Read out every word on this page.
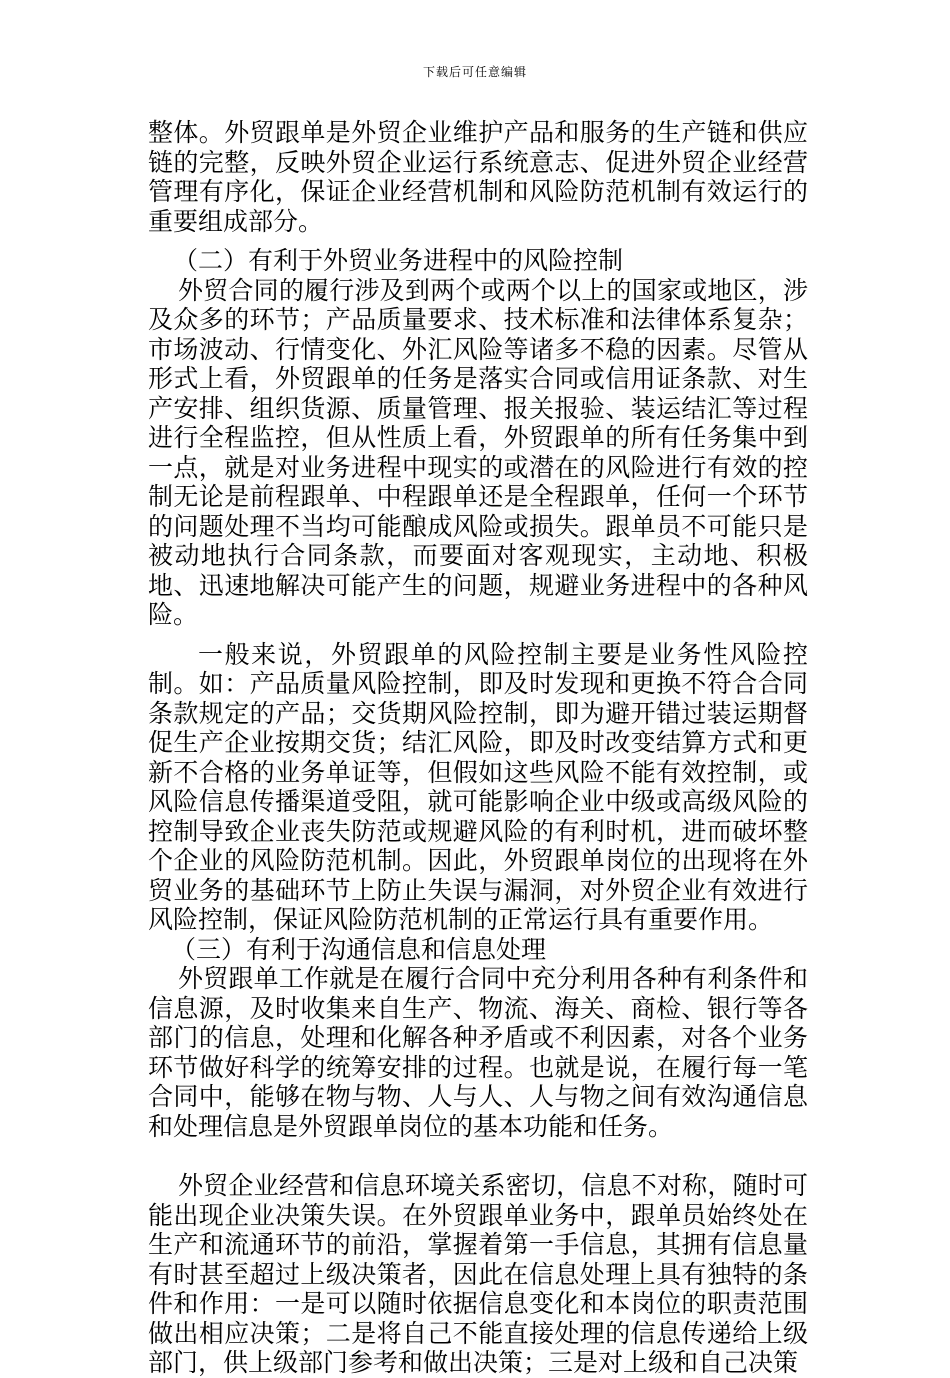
下载后可任意编辑

整体。外贸跟单是外贸企业维护产品和服务的生产链和供应链的完整，反映外贸企业运行系统意志、促进外贸企业经营管理有序化，保证企业经营机制和风险防范机制有效运行的重要组成部分。

（二）有利于外贸业务进程中的风险控制

外贸合同的履行涉及到两个或两个以上的国家或地区，涉及众多的环节；产品质量要求、技术标准和法律体系复杂；市场波动、行情变化、外汇风险等诸多不稳的因素。尽管从形式上看，外贸跟单的任务是落实合同或信用证条款、对生产安排、组织货源、质量管理、报关报验、装运结汇等过程进行全程监控，但从性质上看，外贸跟单的所有任务集中到一点，就是对业务进程中现实的或潜在的风险进行有效的控制无论是前程跟单、中程跟单还是全程跟单，任何一个环节的问题处理不当均可能酿成风险或损失。跟单员不可能只是被动地执行合同条款，而要面对客观现实，主动地、积极地、迅速地解决可能产生的问题，规避业务进程中的各种风险。

一般来说，外贸跟单的风险控制主要是业务性风险控制。如：产品质量风险控制，即及时发现和更换不符合合同条款规定的产品；交货期风险控制，即为避开错过装运期督促生产企业按期交货；结汇风险，即及时改变结算方式和更新不合格的业务单证等，但假如这些风险不能有效控制，或风险信息传播渠道受阻，就可能影响企业中级或高级风险的控制导致企业丧失防范或规避风险的有利时机，进而破坏整个企业的风险防范机制。因此，外贸跟单岗位的出现将在外贸业务的基础环节上防止失误与漏洞，对外贸企业有效进行风险控制，保证风险防范机制的正常运行具有重要作用。

（三）有利于沟通信息和信息处理

外贸跟单工作就是在履行合同中充分利用各种有利条件和信息源，及时收集来自生产、物流、海关、商检、银行等各部门的信息，处理和化解各种矛盾或不利因素，对各个业务环节做好科学的统筹安排的过程。也就是说，在履行每一笔合同中，能够在物与物、人与人、人与物之间有效沟通信息和处理信息是外贸跟单岗位的基本功能和任务。

外贸企业经营和信息环境关系密切，信息不对称，随时可能出现企业决策失误。在外贸跟单业务中，跟单员始终处在生产和流通环节的前沿，掌握着第一手信息，其拥有信息量有时甚至超过上级决策者，因此在信息处理上具有独特的条件和作用：一是可以随时依据信息变化和本岗位的职责范围做出相应决策；二是将自己不能直接处理的信息传递给上级部门，供上级部门参考和做出决策；三是对上级和自己决策
